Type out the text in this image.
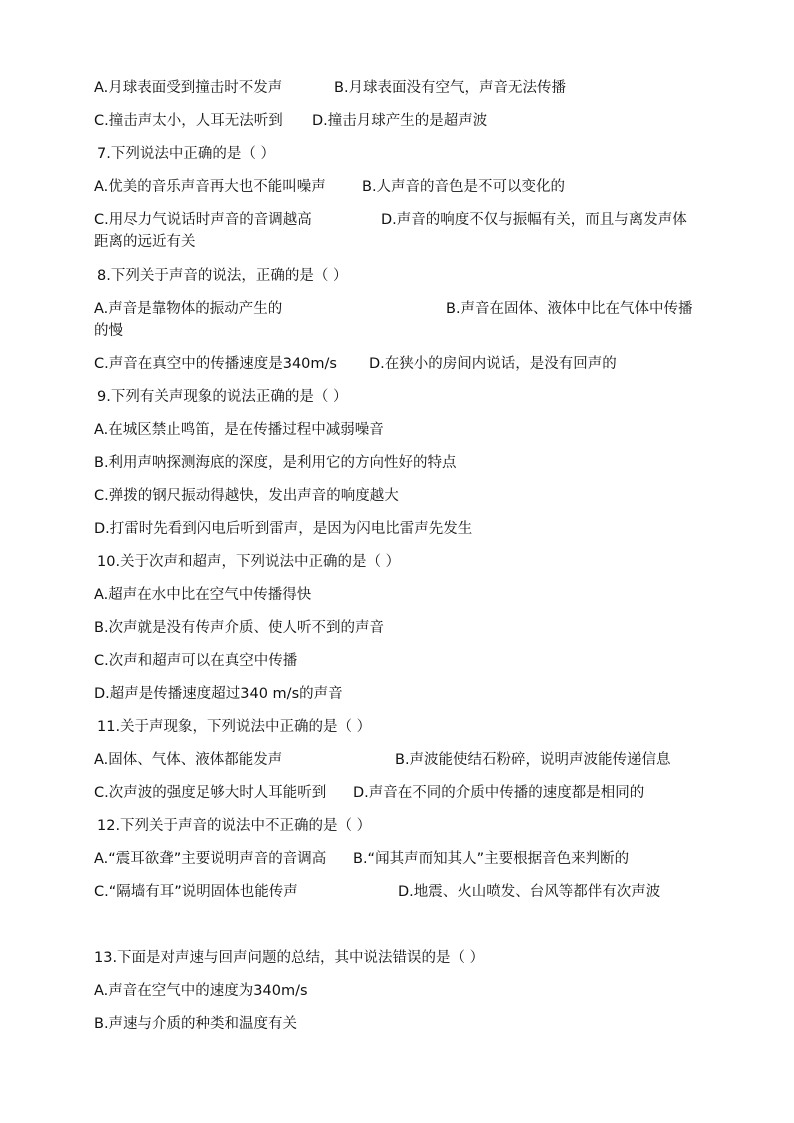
A.月球表面受到撞击时不发声	B.月球表面没有空气，声音无法传播
C.撞击声太小，人耳无法听到 D.撞击月球产生的是超声波
7.下列说法中正确的是（ ）
A.优美的音乐声音再大也不能叫噪声 B.人声音的音色是不可以变化的
C.用尽力气说话时声音的音调越高	D.声音的响度不仅与振幅有关，而且与离发声体
距离的远近有关
8.下列关于声音的说法，正确的是（ ）
A.声音是靠物体的振动产生的	B.声音在固体、液体中比在气体中传播
的慢
C.声音在真空中的传播速度是340m/s D.在狭小的房间内说话，是没有回声的
9.下列有关声现象的说法正确的是（ ）
A.在城区禁止鸣笛，是在传播过程中减弱噪音
B.利用声呐探测海底的深度，是利用它的方向性好的特点
C.弹拨的钢尺振动得越快，发出声音的响度越大
D.打雷时先看到闪电后听到雷声，是因为闪电比雷声先发生
10.关于次声和超声，下列说法中正确的是（ ）
A.超声在水中比在空气中传播得快
B.次声就是没有传声介质、使人听不到的声音
C.次声和超声可以在真空中传播
D.超声是传播速度超过340 m/s的声音
11.关于声现象，下列说法中正确的是（ ）
A.固体、气体、液体都能发声	B.声波能使结石粉碎，说明声波能传递信息
C.次声波的强度足够大时人耳能听到 D.声音在不同的介质中传播的速度都是相同的
12.下列关于声音的说法中不正确的是（ ）
A.“震耳欲聋”主要说明声音的音调高 B.“闻其声而知其人”主要根据音色来判断的
C.“隔墙有耳”说明固体也能传声	D.地震、火山喷发、台风等都伴有次声波
13.下面是对声速与回声问题的总结，其中说法错误的是（ ）
A.声音在空气中的速度为340m/s
B.声速与介质的种类和温度有关
